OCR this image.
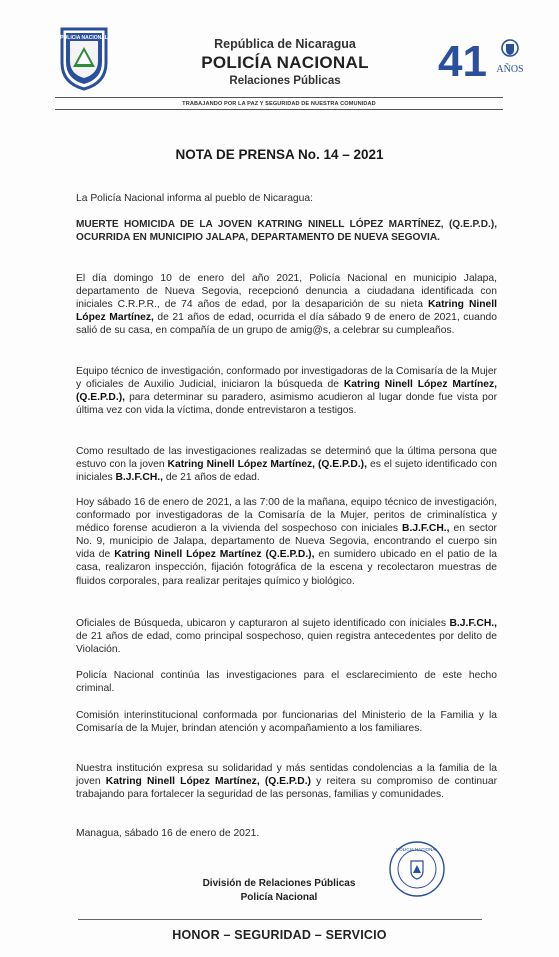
POLICIA NACIONAL	República de Nicaragua
POLICÍA NACIONAL
Relaciones Públicas	41 AÑOS
TRABAJANDO POR LA PAZ Y SEGURIDAD DE NUESTRA COMUNIDAD
NOTA DE PRENSA No. 14 – 2021
La Policía Nacional informa al pueblo de Nicaragua:
MUERTE HOMICIDA DE LA JOVEN KATRING NINELL LÓPEZ MARTÍNEZ, (Q.E.P.D.), OCURRIDA EN MUNICIPIO JALAPA, DEPARTAMENTO DE NUEVA SEGOVIA.
El día domingo 10 de enero del año 2021, Policía Nacional en municipio Jalapa, departamento de Nueva Segovia, recepcionó denuncia a ciudadana identificada con iniciales C.R.P.R., de 74 años de edad, por la desaparición de su nieta Katring Ninell López Martínez, de 21 años de edad, ocurrida el día sábado 9 de enero de 2021, cuando salió de su casa, en compañía de un grupo de amig@s, a celebrar su cumpleaños.
Equipo técnico de investigación, conformado por investigadoras de la Comisaría de la Mujer y oficiales de Auxilio Judicial, iniciaron la búsqueda de Katring Ninell López Martínez, (Q.E.P.D.), para determinar su paradero, asimismo acudieron al lugar donde fue vista por última vez con vida la víctima, donde entrevistaron a testigos.
Como resultado de las investigaciones realizadas se determinó que la última persona que estuvo con la joven Katring Ninell López Martínez, (Q.E.P.D.), es el sujeto identificado con iniciales B.J.F.CH., de 21 años de edad.
Hoy sábado 16 de enero de 2021, a las 7:00 de la mañana, equipo técnico de investigación, conformado por investigadoras de la Comisaría de la Mujer, peritos de criminalística y médico forense acudieron a la vivienda del sospechoso con iniciales B.J.F.CH., en sector No. 9, municipio de Jalapa, departamento de Nueva Segovia, encontrando el cuerpo sin vida de Katring Ninell López Martínez (Q.E.P.D.), en sumidero ubicado en el patio de la casa, realizaron inspección, fijación fotográfica de la escena y recolectaron muestras de fluidos corporales, para realizar peritajes químico y biológico.
Oficiales de Búsqueda, ubicaron y capturaron al sujeto identificado con iniciales B.J.F.CH., de 21 años de edad, como principal sospechoso, quien registra antecedentes por delito de Violación.
Policía Nacional continúa las investigaciones para el esclarecimiento de este hecho criminal.
Comisión interinstitucional conformada por funcionarias del Ministerio de la Familia y la Comisaría de la Mujer, brindan atención y acompañamiento a los familiares.
Nuestra institución expresa su solidaridad y más sentidas condolencias a la familia de la joven Katring Ninell López Martínez, (Q.E.P.D.) y reitera su compromiso de continuar trabajando para fortalecer la seguridad de las personas, familias y comunidades.
Managua, sábado 16 de enero de 2021.
POLICIA NACIONAL
División de Relaciones Públicas
Policía Nacional
HONOR – SEGURIDAD – SERVICIO
